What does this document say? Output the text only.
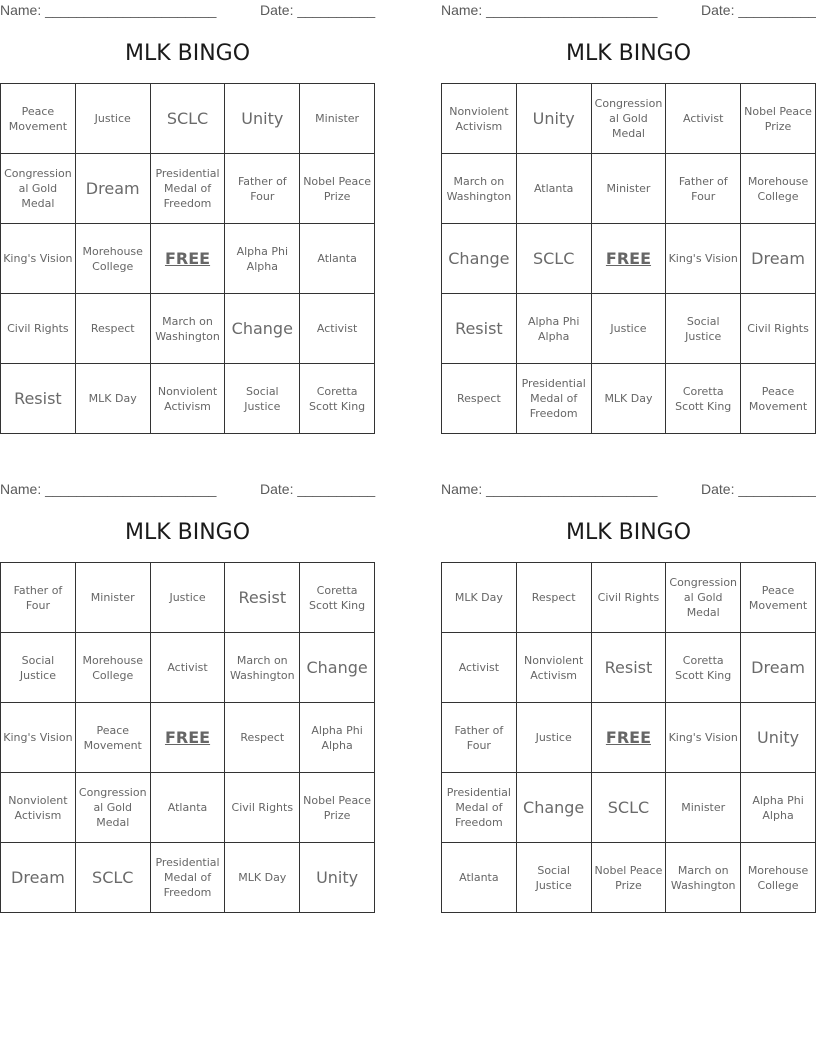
Name: ______________________	Date: __________
MLK BINGO
Peace Movement	Justice	SCLC	Unity	Minister
Congressional Gold Medal	Dream	Presidential Medal of Freedom	Father of Four	Nobel Peace Prize
King's Vision	Morehouse College	FREE	Alpha Phi Alpha	Atlanta
Civil Rights	Respect	March on Washington	Change	Activist
Resist	MLK Day	Nonviolent Activism	Social Justice	Coretta Scott King
Name: ______________________	Date: __________
MLK BINGO
Nonviolent Activism	Unity	Congressional Gold Medal	Activist	Nobel Peace Prize
March on Washington	Atlanta	Minister	Father of Four	Morehouse College
Change	SCLC	FREE	King's Vision	Dream
Resist	Alpha Phi Alpha	Justice	Social Justice	Civil Rights
Respect	Presidential Medal of Freedom	MLK Day	Coretta Scott King	Peace Movement
Name: ______________________	Date: __________
MLK BINGO
Father of Four	Minister	Justice	Resist	Coretta Scott King
Social Justice	Morehouse College	Activist	March on Washington	Change
King's Vision	Peace Movement	FREE	Respect	Alpha Phi Alpha
Nonviolent Activism	Congressional Gold Medal	Atlanta	Civil Rights	Nobel Peace Prize
Dream	SCLC	Presidential Medal of Freedom	MLK Day	Unity
Name: ______________________	Date: __________
MLK BINGO
MLK Day	Respect	Civil Rights	Congressional Gold Medal	Peace Movement
Activist	Nonviolent Activism	Resist	Coretta Scott King	Dream
Father of Four	Justice	FREE	King's Vision	Unity
Presidential Medal of Freedom	Change	SCLC	Minister	Alpha Phi Alpha
Atlanta	Social Justice	Nobel Peace Prize	March on Washington	Morehouse College
